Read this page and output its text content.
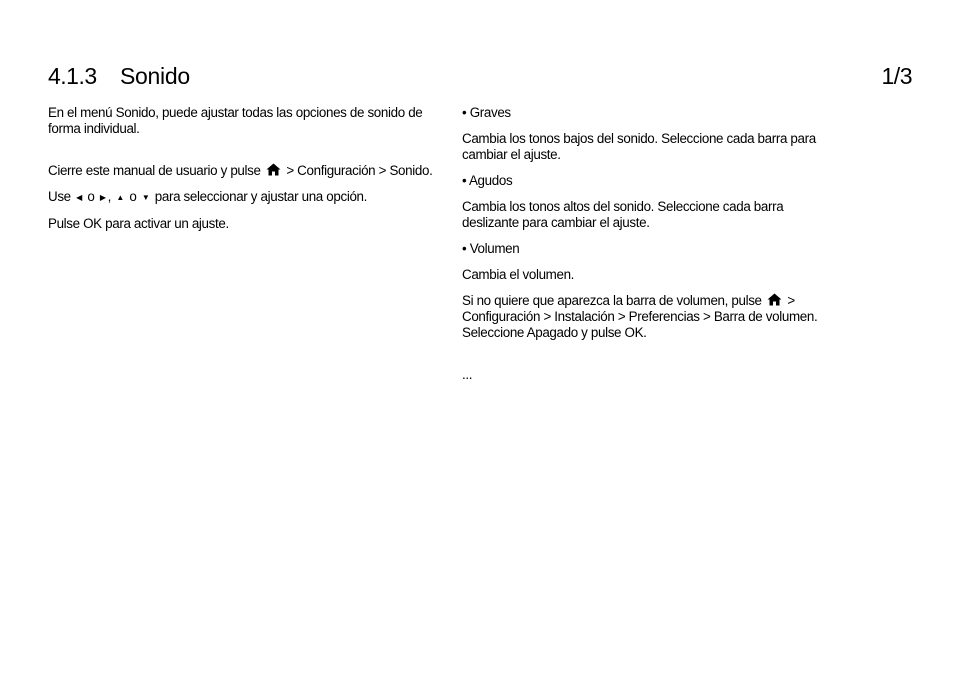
4.1.3 Sonido	1/3

En el menú Sonido, puede ajustar todas las opciones de sonido de forma individual.

Cierre este manual de usuario y pulse > Configuración > Sonido.

Use ◀ o ▶ , ▲ o ▼ para seleccionar y ajustar una opción.

Pulse OK para activar un ajuste.

• Graves

Cambia los tonos bajos del sonido. Seleccione cada barra para cambiar el ajuste.

• Agudos

Cambia los tonos altos del sonido. Seleccione cada barra deslizante para cambiar el ajuste.

• Volumen

Cambia el volumen.

Si no quiere que aparezca la barra de volumen, pulse > Configuración > Instalación > Preferencias > Barra de volumen. Seleccione Apagado y pulse OK.

...
